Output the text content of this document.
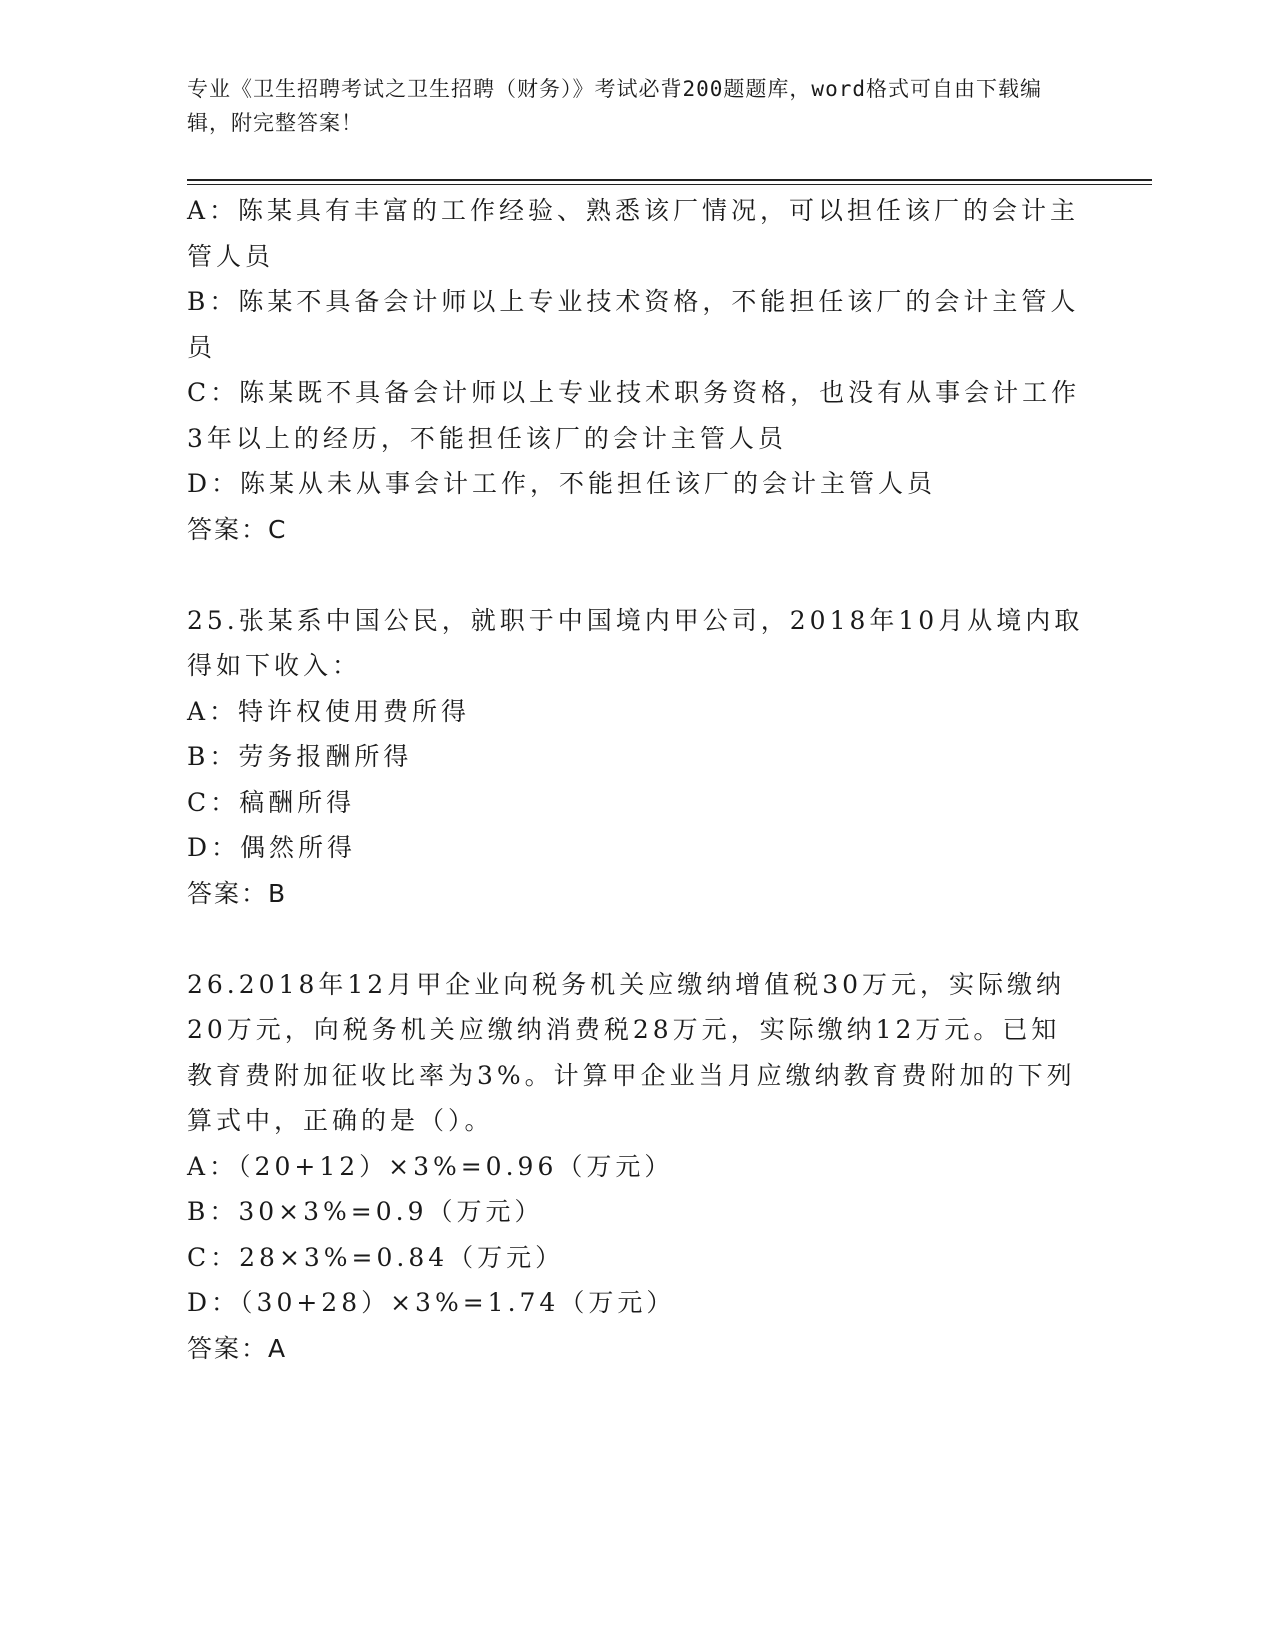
专业《卫生招聘考试之卫生招聘（财务）》考试必背200题题库，word格式可自由下载编辑，附完整答案！

A：陈某具有丰富的工作经验、熟悉该厂情况，可以担任该厂的会计主管人员

B：陈某不具备会计师以上专业技术资格，不能担任该厂的会计主管人员

C：陈某既不具备会计师以上专业技术职务资格，也没有从事会计工作3年以上的经历，不能担任该厂的会计主管人员

D：陈某从未从事会计工作，不能担任该厂的会计主管人员

答案：C

25.张某系中国公民，就职于中国境内甲公司，2018年10月从境内取得如下收入：

A：特许权使用费所得

B：劳务报酬所得

C：稿酬所得

D：偶然所得

答案：B

26.2018年12月甲企业向税务机关应缴纳增值税30万元，实际缴纳20万元，向税务机关应缴纳消费税28万元，实际缴纳12万元。已知教育费附加征收比率为3%。计算甲企业当月应缴纳教育费附加的下列算式中，正确的是（）。

A：（20+12）×3%=0.96（万元）

B：30×3%=0.9（万元）

C：28×3%=0.84（万元）

D：（30+28）×3%=1.74（万元）

答案：A
